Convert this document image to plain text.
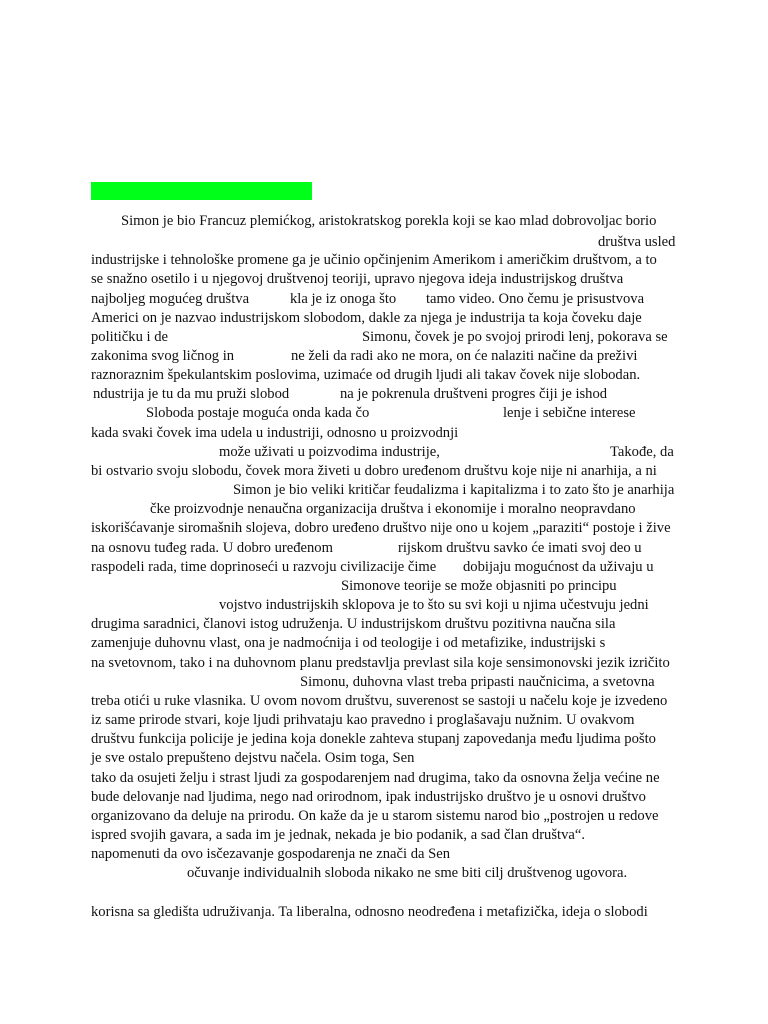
Simon je bio Francuz plemićkog, aristokratskog porekla koji se kao mlad dobrovoljac borio
društva usled
industrijske i tehnološke promene ga je učinio opčinjenim Amerikom i američkim društvom, a to
se snažno osetilo i u njegovoj društvenoj teoriji, upravo njegova ideja industrijskog društva
najboljeg mogućeg društva	kla je iz onoga što tamo video. Ono čemu je prisustvova
Americi on je nazvao industrijskom slobodom, dakle za njega je industrija ta koja čoveku daje
političku i de	Simonu, čovek je po svojoj prirodi lenj, pokorava se
zakonima svog ličnog in	ne želi da radi ako ne mora, on će nalaziti načine da preživi
raznoraznim špekulantskim poslovima, uzimaće od drugih ljudi ali takav čovek nije slobodan.
ndustrija je tu da mu pruži slobod	na je pokrenula društveni progres čiji je ishod
Sloboda postaje moguća onda kada čo	lenje i sebične interese
kada svaki čovek ima udela u industriji, odnosno u proizvodnji
može uživati u poizvodima industrije,	Takođe, da
bi ostvario svoju slobodu, čovek mora živeti u dobro uređenom društvu koje nije ni anarhija, a ni
Simon je bio veliki kritičar feudalizma i kapitalizma i to zato što je anarhija
čke proizvodnje nenaučna organizacija društva i ekonomije i moralno neopravdano
iskorišćavanje siromašnih slojeva, dobro uređeno društvo nije ono u kojem „paraziti“ postoje i žive
na osnovu tuđeg rada. U dobro uređenom	rijskom društvu savko će imati svoj deo u
raspodeli rada, time doprinoseći u razvoju civilizacije čime dobijaju mogućnost da uživaju u
Simonove teorije se može objasniti po principu
vojstvo industrijskih sklopova je to što su svi koji u njima učestvuju jedni
drugima saradnici, članovi istog udruženja. U industrijskom društvu pozitivna naučna sila
zamenjuje duhovnu vlast, ona je nadmoćnija i od teologije i od metafizike, industrijski s
na svetovnom, tako i na duhovnom planu predstavlja prevlast sila koje sensimonovski jezik izričito
Simonu, duhovna vlast treba pripasti naučnicima, a svetovna
treba otići u ruke vlasnika. U ovom novom društvu, suverenost se sastoji u načelu koje je izvedeno
iz same prirode stvari, koje ljudi prihvataju kao pravedno i proglašavaju nužnim. U ovakvom
društvu funkcija policije je jedina koja donekle zahteva stupanj zapovedanja među ljudima pošto
je sve ostalo prepušteno dejstvu načela. Osim toga, Sen
tako da osujeti želju i strast ljudi za gospodarenjem nad drugima, tako da osnovna želja većine ne
bude delovanje nad ljudima, nego nad orirodnom, ipak industrijsko društvo je u osnovi društvo
organizovano da deluje na prirodu. On kaže da je u starom sistemu narod bio „postrojen u redove
ispred svojih gavara, a sada im je jednak, nekada je bio podanik, a sad član društva“.
napomenuti da ovo isčezavanje gospodarenja ne znači da Sen
očuvanje individualnih sloboda nikako ne sme biti cilj društvenog ugovora.
korisna sa gledišta udruživanja. Ta liberalna, odnosno neodređena i metafizička, ideja o slobodi
